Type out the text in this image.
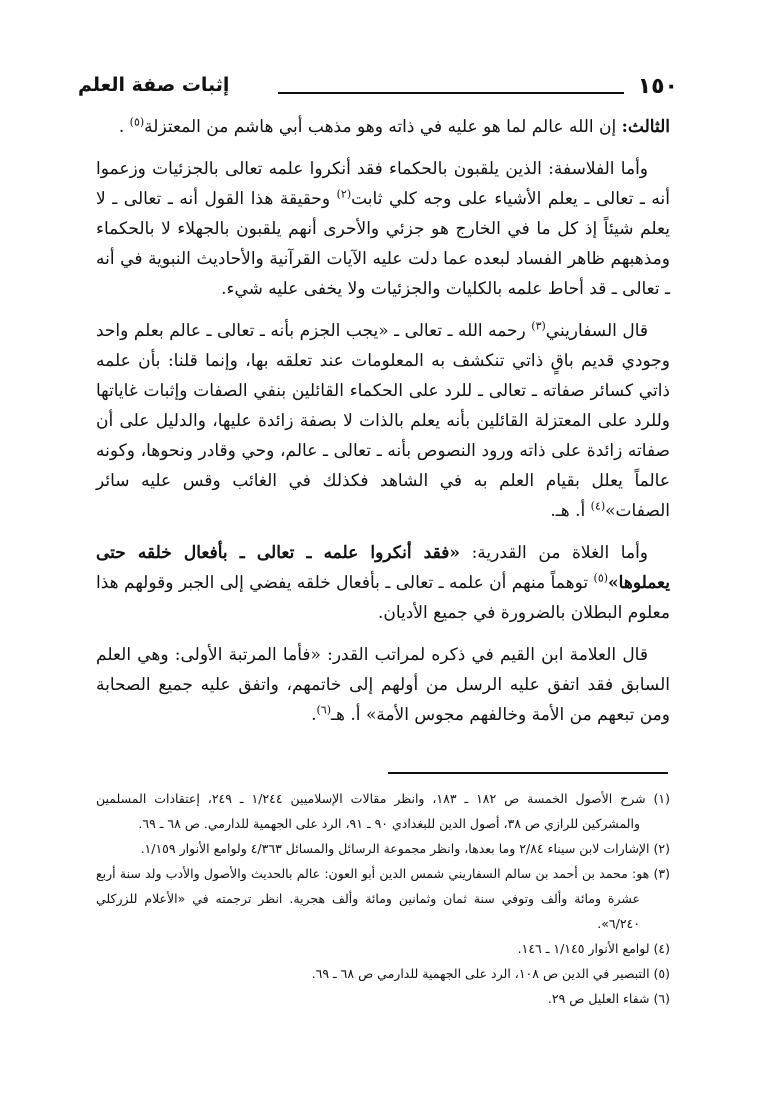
١٥٠
إثبات صفة العلم

الثالث: إن الله عالم لما هو عليه في ذاته وهو مذهب أبي هاشم من المعتزلة$^{(٥)}$ .

وأما الفلاسفة: الذين يلقبون بالحكماء فقد أنكروا علمه تعالى بالجزئيات وزعموا أنه ـ تعالى ـ يعلم الأشياء على وجه كلي ثابت$^{(٢)}$ وحقيقة هذا القول أنه ـ تعالى ـ لا يعلم شيئاً إذ كل ما في الخارج هو جزئي والأحرى أنهم يلقبون بالجهلاء لا بالحكماء ومذهبهم ظاهر الفساد لبعده عما دلت عليه الآيات القرآنية والأحاديث النبوية في أنه ـ تعالى ـ قد أحاط علمه بالكليات والجزئيات ولا يخفى عليه شيء.

قال السفاريني$^{(٣)}$ رحمه الله ـ تعالى ـ «يجب الجزم بأنه ـ تعالى ـ عالم بعلم واحد وجودي قديم باقٍ ذاتي تنكشف به المعلومات عند تعلقه بها، وإنما قلنا: بأن علمه ذاتي كسائر صفاته ـ تعالى ـ للرد على الحكماء القائلين بنفي الصفات وإثبات غاياتها وللرد على المعتزلة القائلين بأنه يعلم بالذات لا بصفة زائدة عليها، والدليل على أن صفاته زائدة على ذاته ورود النصوص بأنه ـ تعالى ـ عالم، وحي وقادر ونحوها، وكونه عالماً يعلل بقيام العلم به في الشاهد فكذلك في الغائب وقس عليه سائر الصفات»$^{(٤)}$ أ. هـ.

وأما الغلاة من القدرية: «فقد أنكروا علمه ـ تعالى ـ بأفعال خلقه حتى يعملوها»$^{(٥)}$ توهماً منهم أن علمه ـ تعالى ـ بأفعال خلقه يفضي إلى الجبر وقولهم هذا معلوم البطلان بالضرورة في جميع الأديان.

قال العلامة ابن القيم في ذكره لمراتب القدر: «فأما المرتبة الأولى: وهي العلم السابق فقد اتفق عليه الرسل من أولهم إلى خاتمهم، واتفق عليه جميع الصحابة ومن تبعهم من الأمة وخالفهم مجوس الأمة» أ. هـ$^{(٦)}$.

(١) شرح الأصول الخمسة ص ١٨٢ ـ ١٨٣، وانظر مقالات الإسلاميين ١/٢٤٤ ـ ٢٤٩، إعتقادات المسلمين والمشركين للرازي ص ٣٨، أصول الدين للبغدادي ٩٠ ـ ٩١، الرد على الجهمية للدارمي. ص ٦٨ ـ ٦٩.

(٢) الإشارات لابن سيناء ٢/٨٤ وما بعدها، وانظر مجموعة الرسائل والمسائل ٤/٣٦٣ ولوامع الأنوار ١/١٥٩.

(٣) هو: محمد بن أحمد بن سالم السفاريني شمس الدين أبو العون: عالم بالحديث والأصول والأدب ولد سنة أربع عشرة ومائة وألف وتوفي سنة ثمان وثمانين ومائة وألف هجرية. انظر ترجمته في «الأعلام للزركلي ٦/٢٤٠».

(٤) لوامع الأنوار ١/١٤٥ ـ ١٤٦.

(٥) التبصير في الدين ص ١٠٨، الرد على الجهمية للدارمي ص ٦٨ ـ ٦٩.

(٦) شفاء العليل ص ٢٩.
